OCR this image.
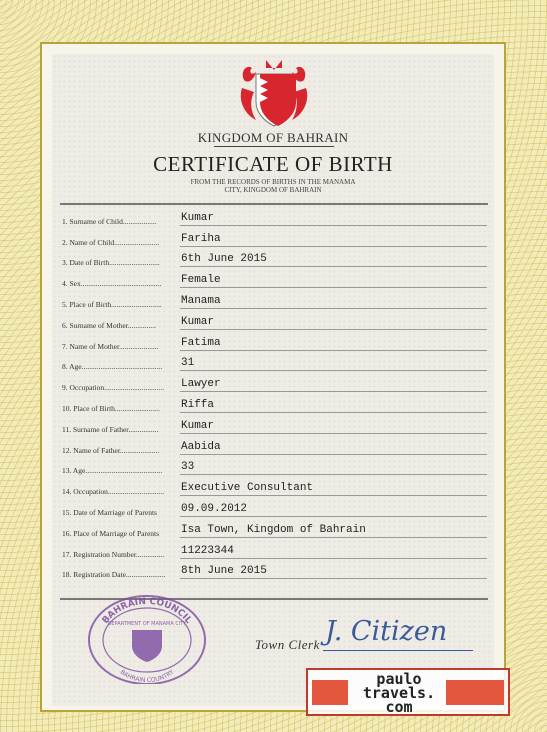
KINGDOM OF BAHRAIN
CERTIFICATE OF BIRTH
FROM THE RECORDS OF BIRTHS IN THE MANAMA
CITY, KINGDOM OF BAHRAIN
1. Surname of Child.................. Kumar
2. Name of Child........................ Fariha
3. Date of Birth........................... 6th June 2015
4. Sex........................................... Female
5. Place of Birth........................... Manama
6. Surname of Mother............... Kumar
7. Name of Mother..................... Fatima
8. Age........................................... 31
9. Occupation................................ Lawyer
10. Place of Birth........................ Riffa
11. Surname of Father................ Kumar
12. Name of Father..................... Aabida
13. Age......................................... 33
14. Occupation.............................. Executive Consultant
15. Date of Marriage of Parents 09.09.2012
16. Place of Marriage of Parents Isa Town, Kingdom of Bahrain
17. Registration Number............... 11223344
18. Registration Date..................... 8th June 2015
BAHRAIN COUNCIL
DEPARTMENT OF MANAMA CITY
BAHRAIN COUNTRY
Town Clerk J. Citizen
paulo
travels.
com
